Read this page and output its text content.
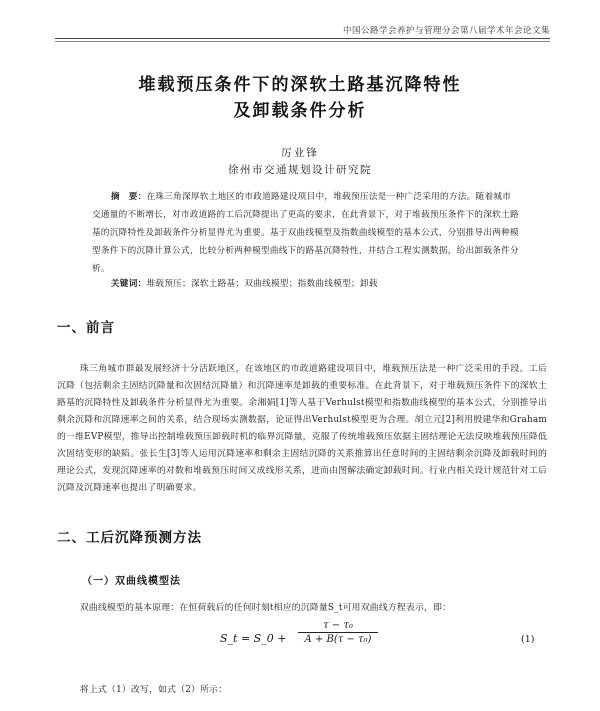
中国公路学会养护与管理分会第八届学术年会论文集
堆载预压条件下的深软土路基沉降特性
及卸载条件分析
厉业锋
徐州市交通规划设计研究院
摘　要：在珠三角深厚软土地区的市政道路建设项目中，堆载预压法是一种广泛采用的方法。随着城市交通量的不断增长，对市政道路的工后沉降提出了更高的要求，在此背景下，对于堆载预压条件下的深软土路基的沉降特性及卸载条件分析显得尤为重要。基于双曲线模型及指数曲线模型的基本公式，分别推导出两种模型条件下的沉降计算公式，比较分析两种模型曲线下的路基沉降特性，并结合工程实测数据，给出卸载条件分析。
关键词：堆载预压；深软土路基；双曲线模型；指数曲线模型；卸载
一、前言
珠三角城市群最发展经济十分活跃地区，在该地区的市政道路建设项目中，堆载预压法是一种广泛采用的手段。工后沉降（包括剩余主固结沉降量和次固结沉降量）和沉降速率是卸载的重要标准。在此背景下，对于堆载预压条件下的深软土路基的沉降特性及卸载条件分析显得尤为重要。余湘娟[1]等人基于Verhulst模型和指数曲线模型的基本公式，分别推导出剩余沉降和沉降速率之间的关系，结合现场实测数据，论证得出Verhulst模型更为合理。胡立元[2]利用殷建华和Graham的一维EVP模型，推导出控制堆载预压卸载时机的临界沉降量，克服了传统堆载预压依据主固结理论无法反映堆载预压降低次固结变形的缺陷。张长生[3]等人运用沉降速率和剩余主固结沉降的关系推算出任意时间的主固结剩余沉降及卸载时间的理论公式，发现沉降速率的对数和堆载预压时间又成线形关系，进而由图解法确定卸载时间。行业内相关设计规范针对工后沉降及沉降速率也提出了明确要求。
二、工后沉降预测方法
（一）双曲线模型法
双曲线模型的基本原理：在恒荷载后的任何时刻t相应的沉降量S_t可用双曲线方程表示，即：
S_t = S_0 +
τ − τ₀
A + B(τ − τ₀)	(1)
将上式（1）改写，如式（2）所示：
